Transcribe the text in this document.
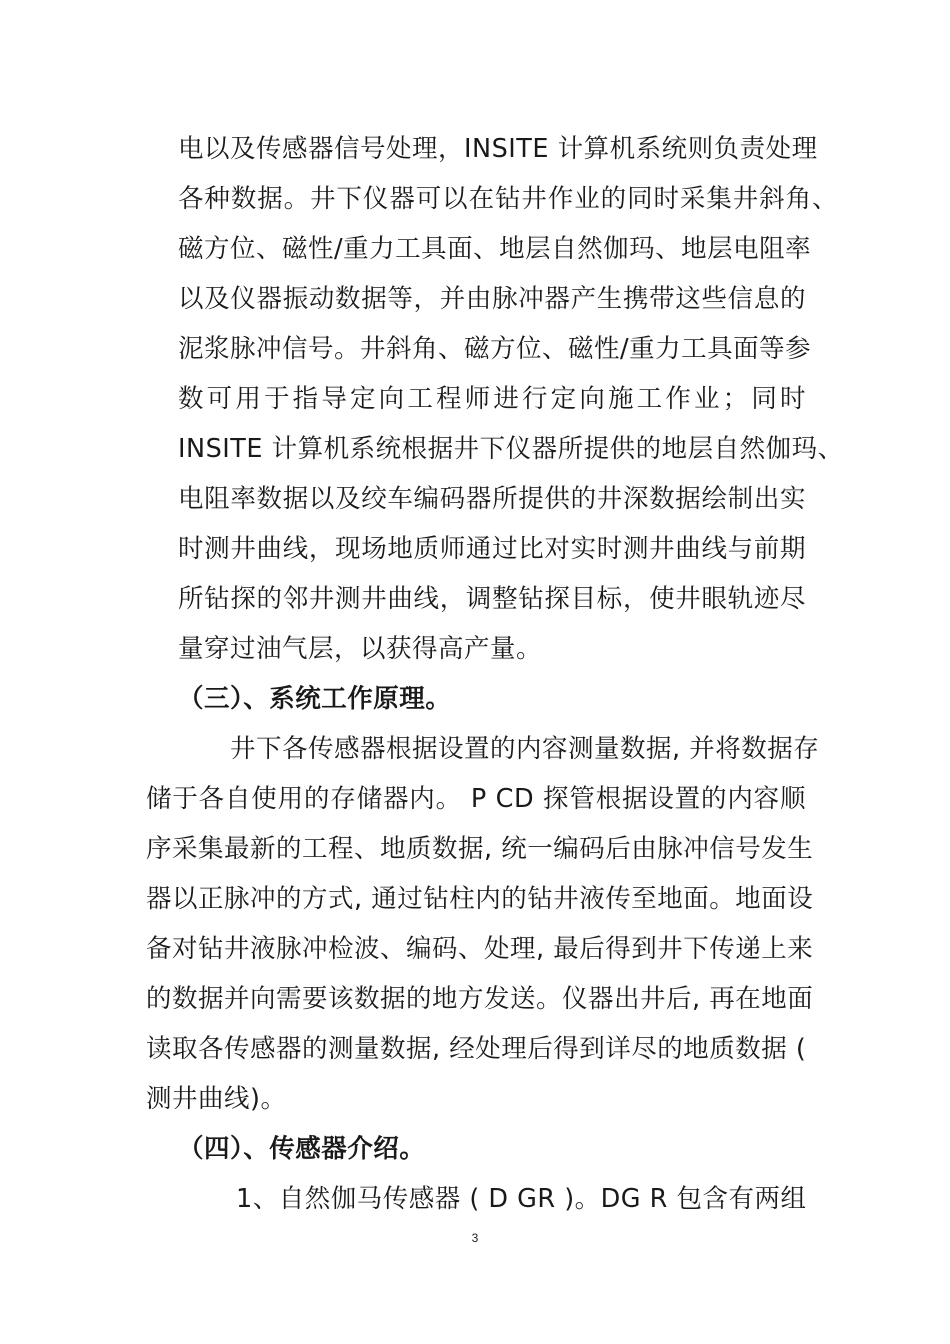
电以及传感器信号处理，INSITE 计算机系统则负责处理
各种数据。井下仪器可以在钻井作业的同时采集井斜角、
磁方位、磁性/重力工具面、地层自然伽玛、地层电阻率
以及仪器振动数据等，并由脉冲器产生携带这些信息的
泥浆脉冲信号。井斜角、磁方位、磁性/重力工具面等参
数可用于指导定向工程师进行定向施工作业；同时
INSITE 计算机系统根据井下仪器所提供的地层自然伽玛、
电阻率数据以及绞车编码器所提供的井深数据绘制出实
时测井曲线，现场地质师通过比对实时测井曲线与前期
所钻探的邻井测井曲线，调整钻探目标，使井眼轨迹尽
量穿过油气层，以获得高产量。
（三）、系统工作原理。
井下各传感器根据设置的内容测量数据, 并将数据存
储于各自使用的存储器内。 P CD 探管根据设置的内容顺
序采集最新的工程、地质数据, 统一编码后由脉冲信号发生
器以正脉冲的方式, 通过钻柱内的钻井液传至地面。地面设
备对钻井液脉冲检波、编码、处理, 最后得到井下传递上来
的数据并向需要该数据的地方发送。仪器出井后, 再在地面
读取各传感器的测量数据, 经处理后得到详尽的地质数据 (
测井曲线)。
（四）、传感器介绍。
1、自然伽马传感器 ( D GR )。DG R 包含有两组
3
